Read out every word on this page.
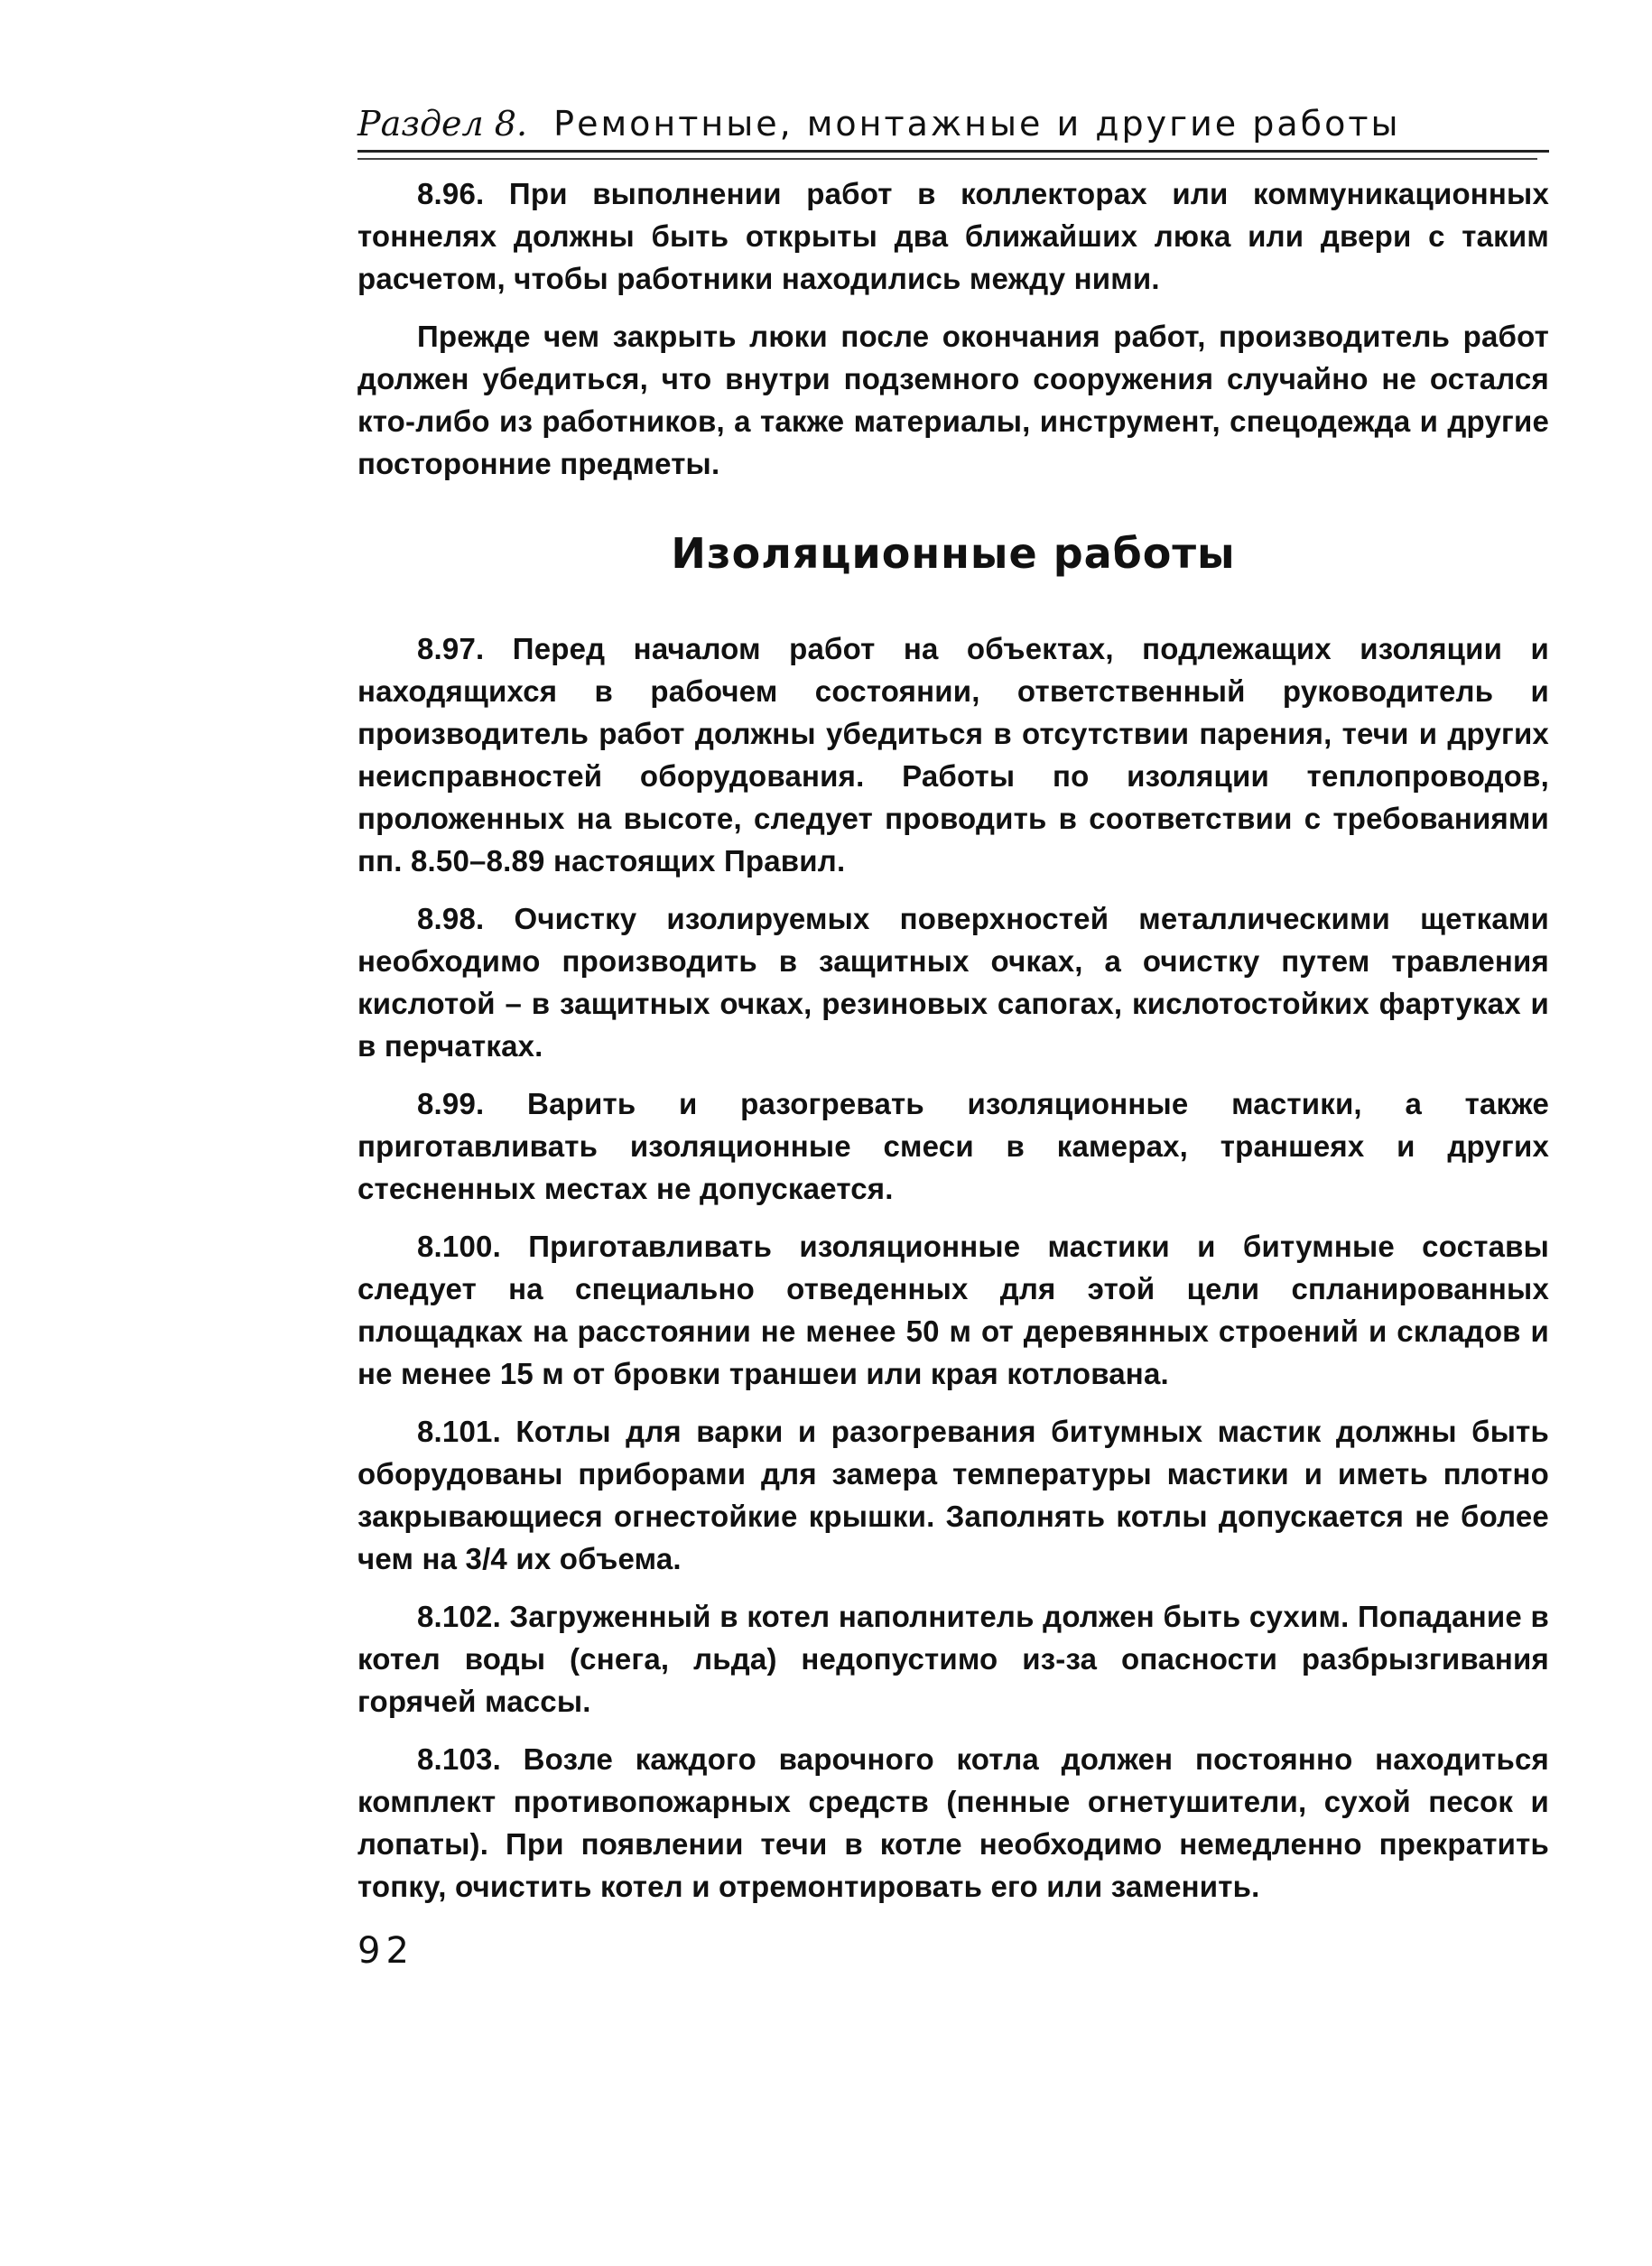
Раздел 8. Ремонтные, монтажные и другие работы

8.96. При выполнении работ в коллекторах или коммуникационных тоннелях должны быть открыты два ближайших люка или двери с таким расчетом, чтобы работники находились между ними.

Прежде чем закрыть люки после окончания работ, производитель работ должен убедиться, что внутри подземного сооружения случайно не остался кто-либо из работников, а также материалы, инструмент, спецодежда и другие посторонние предметы.

Изоляционные работы

8.97. Перед началом работ на объектах, подлежащих изоляции и находящихся в рабочем состоянии, ответственный руководитель и производитель работ должны убедиться в отсутствии парения, течи и других неисправностей оборудования. Работы по изоляции теплопроводов, проложенных на высоте, следует проводить в соответствии с требованиями пп. 8.50–8.89 настоящих Правил.

8.98. Очистку изолируемых поверхностей металлическими щетками необходимо производить в защитных очках, а очистку путем травления кислотой – в защитных очках, резиновых сапогах, кислотостойких фартуках и в перчатках.

8.99. Варить и разогревать изоляционные мастики, а также приготавливать изоляционные смеси в камерах, траншеях и других стесненных местах не допускается.

8.100. Приготавливать изоляционные мастики и битумные составы следует на специально отведенных для этой цели спланированных площадках на расстоянии не менее 50 м от деревянных строений и складов и не менее 15 м от бровки траншеи или края котлована.

8.101. Котлы для варки и разогревания битумных мастик должны быть оборудованы приборами для замера температуры мастики и иметь плотно закрывающиеся огнестойкие крышки. Заполнять котлы допускается не более чем на 3/4 их объема.

8.102. Загруженный в котел наполнитель должен быть сухим. Попадание в котел воды (снега, льда) недопустимо из-за опасности разбрызгивания горячей массы.

8.103. Возле каждого варочного котла должен постоянно находиться комплект противопожарных средств (пенные огнетушители, сухой песок и лопаты). При появлении течи в котле необходимо немедленно прекратить топку, очистить котел и отремонтировать его или заменить.

92
